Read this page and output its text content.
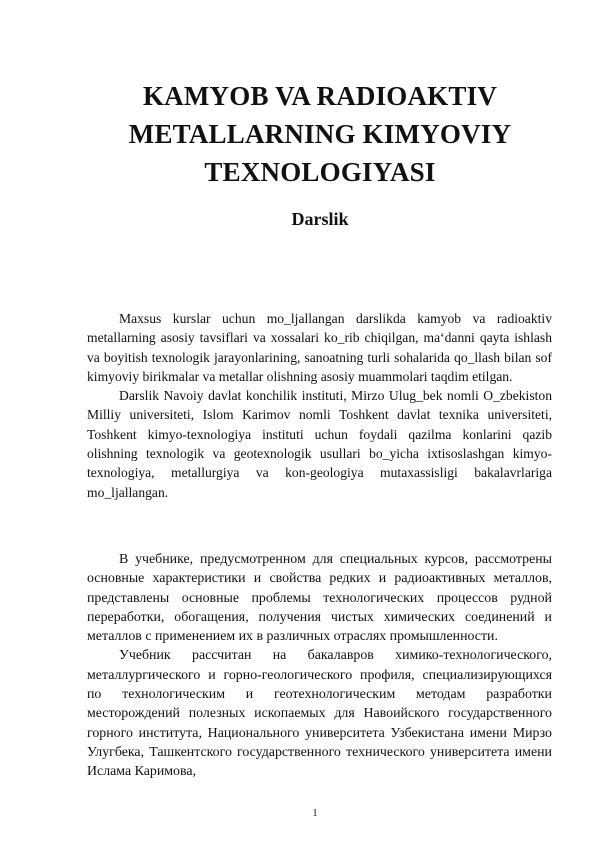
KAMYOB VA RADIOAKTIV
METALLARNING KIMYOVIY
TEXNOLOGIYASI
Darslik

Maxsus kurslar uchun mo_ljallangan darslikda kamyob va radioaktiv metallarning asosiy tavsiflari va xossalari ko_rib chiqilgan, ma‘danni qayta ishlash va boyitish texnologik jarayonlarining, sanoatning turli sohalarida qo_llash bilan sof kimyoviy birikmalar va metallar olishning asosiy muammolari taqdim etilgan.

Darslik Navoiy davlat konchilik instituti, Mirzo Ulug_bek nomli O_zbekiston Milliy universiteti, Islom Karimov nomli Toshkent davlat texnika universiteti, Toshkent kimyo-texnologiya instituti uchun foydali qazilma konlarini qazib olishning texnologik va geotexnologik usullari bo_yicha ixtisoslashgan kimyo-texnologiya, metallurgiya va kon-geologiya mutaxassisligi bakalavrlariga mo_ljallangan.

В учебнике, предусмотренном для специальных курсов, рассмотрены основные характеристики и свойства редких и радиоактивных металлов, представлены основные проблемы технологических процессов рудной переработки, обогащения, получения чистых химических соединений и металлов с применением их в различных отраслях промышленности.

Учебник рассчитан на бакалавров химико-технологического, металлургического и горно-геологического профиля, специализирующихся по технологическим и геотехнологическим методам разработки месторождений полезных ископаемых для Навоийского государственного горного института, Национального университета Узбекистана имени Мирзо Улугбека, Ташкентского государственного технического университета имени Ислама Каримова,

1
